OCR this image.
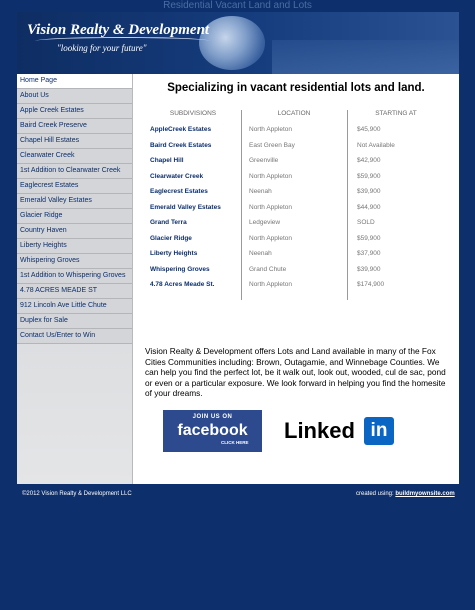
Residential Vacant Land and Lots
Vision Realty & Development
"looking for your future"
Home Page
About Us
Apple Creek Estates
Baird Creek Preserve
Chapel Hill Estates
Clearwater Creek
1st Addition to Clearwater Creek
Eaglecrest Estates
Emerald Valley Estates
Glacier Ridge
Country Haven
Liberty Heights
Whispering Groves
1st Addition to Whispering Groves
4.78 ACRES MEADE ST
912 Lincoln Ave Little Chute
Duplex for Sale
Contact Us/Enter to Win
Specializing in vacant residential lots and land.
SUBDIVISIONS	LOCATION	STARTING AT
AppleCreek Estates	North Appleton	$45,900
Baird Creek Estates	East Green Bay	Not Available
Chapel Hill	Greenville	$42,900
Clearwater Creek	North Appleton	$59,900
Eaglecrest Estates	Neenah	$39,900
Emerald Valley Estates	North Appleton	$44,900
Grand Terra	Ledgeview	SOLD
Glacier Ridge	North Appleton	$59,900
Liberty Heights	Neenah	$37,900
Whispering Groves	Grand Chute	$39,900
4.78 Acres Meade St.	North Appleton	$174,900
Vision Realty & Development offers Lots and Land available in many of the Fox Cities Communities including: Brown, Outagamie, and Winnebage Counties. We can help you find the perfect lot, be it walk out, look out, wooded, cul de sac, pond or even or a particular exposure. We look forward in helping you find the homesite of your dreams.
JOIN US ON
facebook
CLICK HERE Linked in
©2012 Vision Realty & Development LLC	created using: buildmyownsite.com
